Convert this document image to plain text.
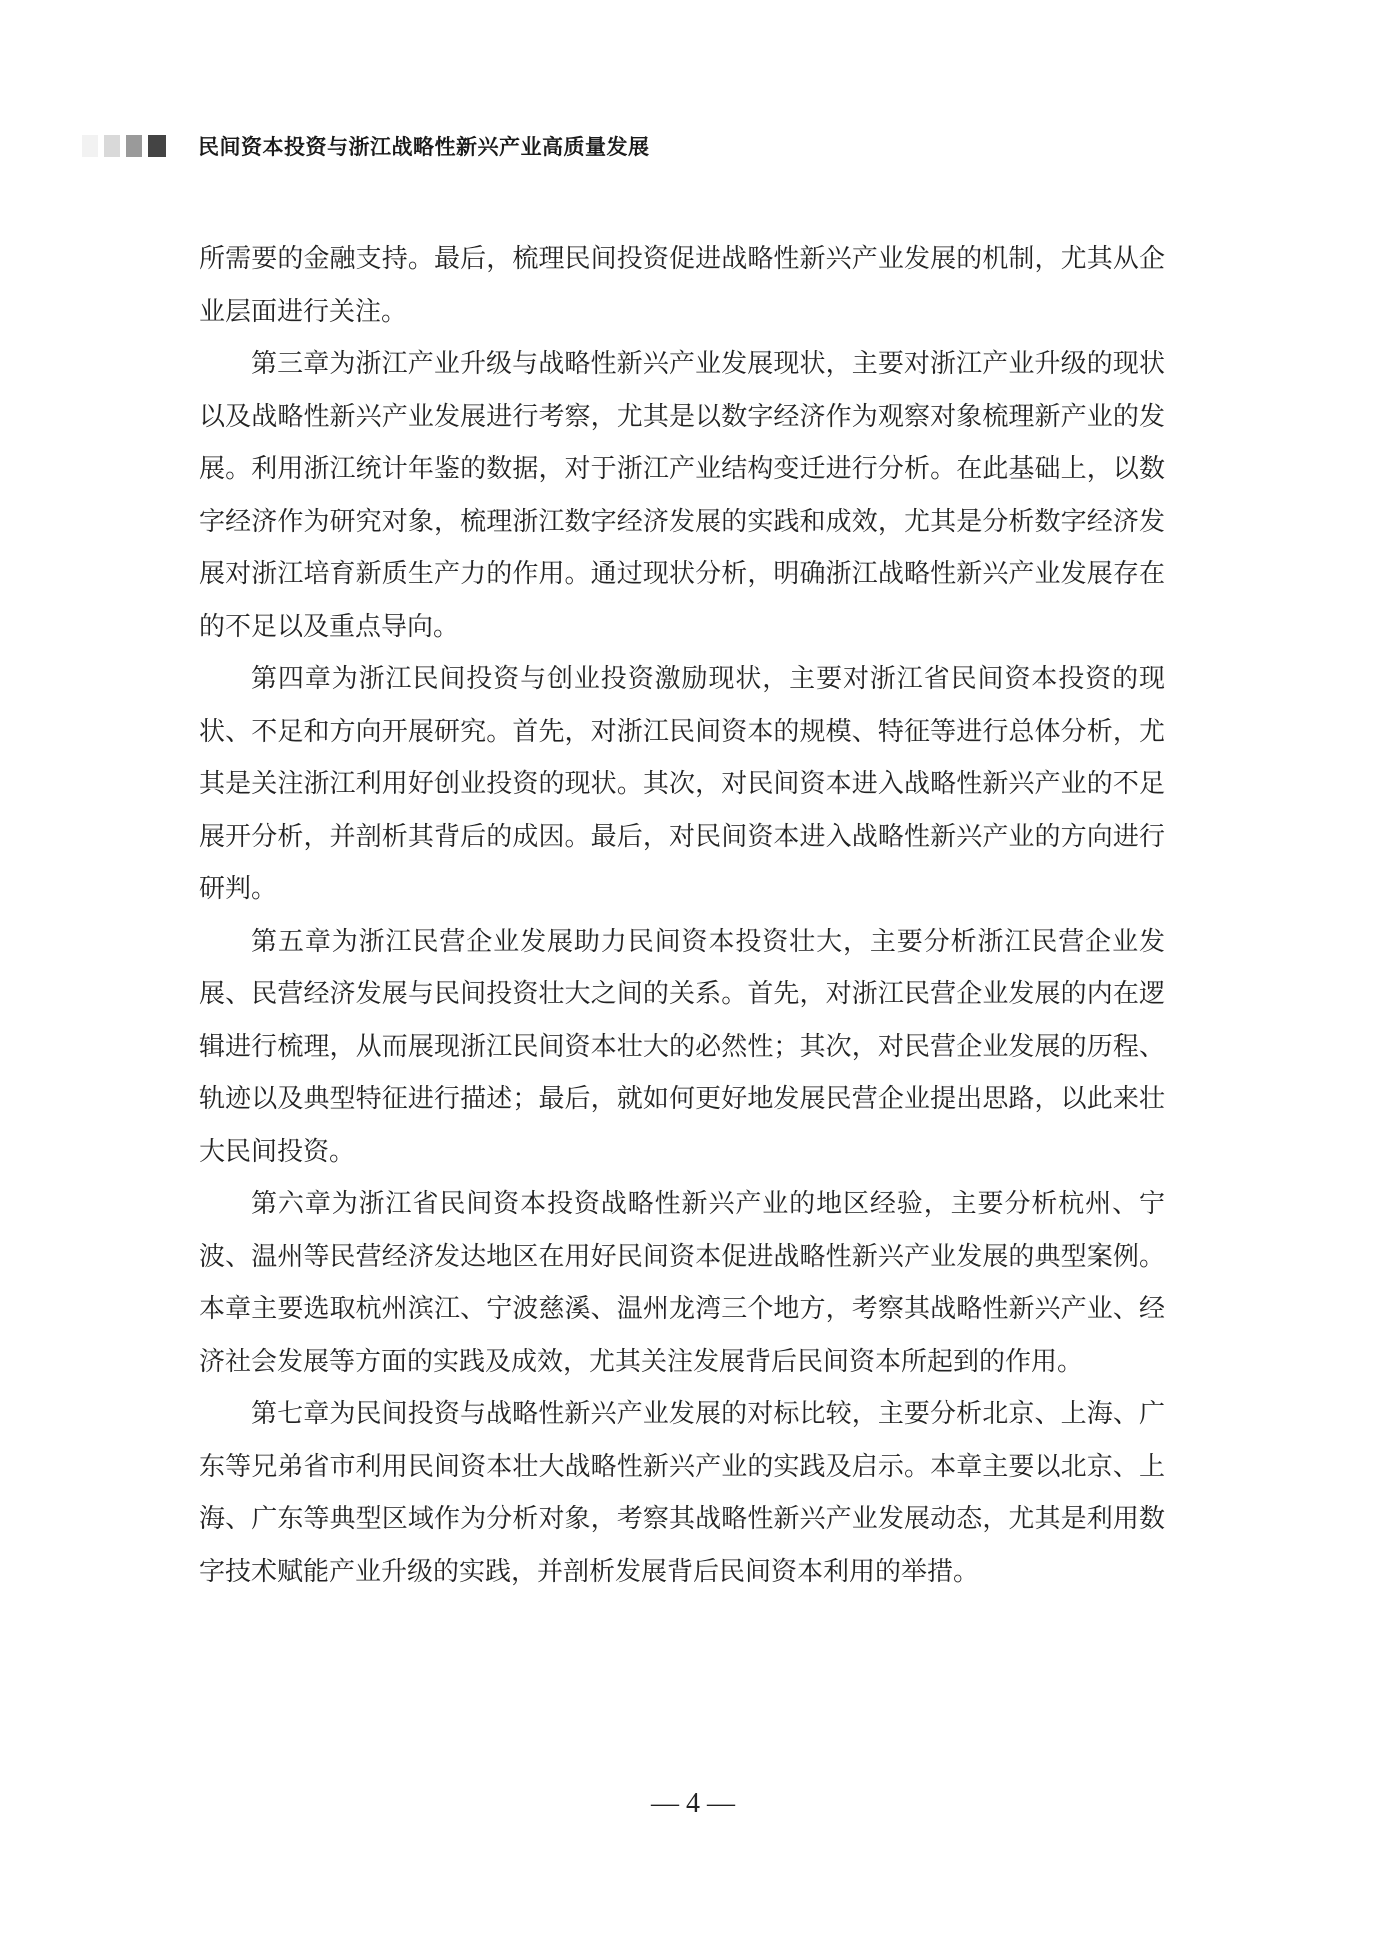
民间资本投资与浙江战略性新兴产业高质量发展

所需要的金融支持。最后，梳理民间投资促进战略性新兴产业发展的机制，尤其从企业层面进行关注。

第三章为浙江产业升级与战略性新兴产业发展现状，主要对浙江产业升级的现状以及战略性新兴产业发展进行考察，尤其是以数字经济作为观察对象梳理新产业的发展。利用浙江统计年鉴的数据，对于浙江产业结构变迁进行分析。在此基础上，以数字经济作为研究对象，梳理浙江数字经济发展的实践和成效，尤其是分析数字经济发展对浙江培育新质生产力的作用。通过现状分析，明确浙江战略性新兴产业发展存在的不足以及重点导向。

第四章为浙江民间投资与创业投资激励现状，主要对浙江省民间资本投资的现状、不足和方向开展研究。首先，对浙江民间资本的规模、特征等进行总体分析，尤其是关注浙江利用好创业投资的现状。其次，对民间资本进入战略性新兴产业的不足展开分析，并剖析其背后的成因。最后，对民间资本进入战略性新兴产业的方向进行研判。

第五章为浙江民营企业发展助力民间资本投资壮大，主要分析浙江民营企业发展、民营经济发展与民间投资壮大之间的关系。首先，对浙江民营企业发展的内在逻辑进行梳理，从而展现浙江民间资本壮大的必然性；其次，对民营企业发展的历程、轨迹以及典型特征进行描述；最后，就如何更好地发展民营企业提出思路，以此来壮大民间投资。

第六章为浙江省民间资本投资战略性新兴产业的地区经验，主要分析杭州、宁波、温州等民营经济发达地区在用好民间资本促进战略性新兴产业发展的典型案例。本章主要选取杭州滨江、宁波慈溪、温州龙湾三个地方，考察其战略性新兴产业、经济社会发展等方面的实践及成效，尤其关注发展背后民间资本所起到的作用。

第七章为民间投资与战略性新兴产业发展的对标比较，主要分析北京、上海、广东等兄弟省市利用民间资本壮大战略性新兴产业的实践及启示。本章主要以北京、上海、广东等典型区域作为分析对象，考察其战略性新兴产业发展动态，尤其是利用数字技术赋能产业升级的实践，并剖析发展背后民间资本利用的举措。

— 4 —
